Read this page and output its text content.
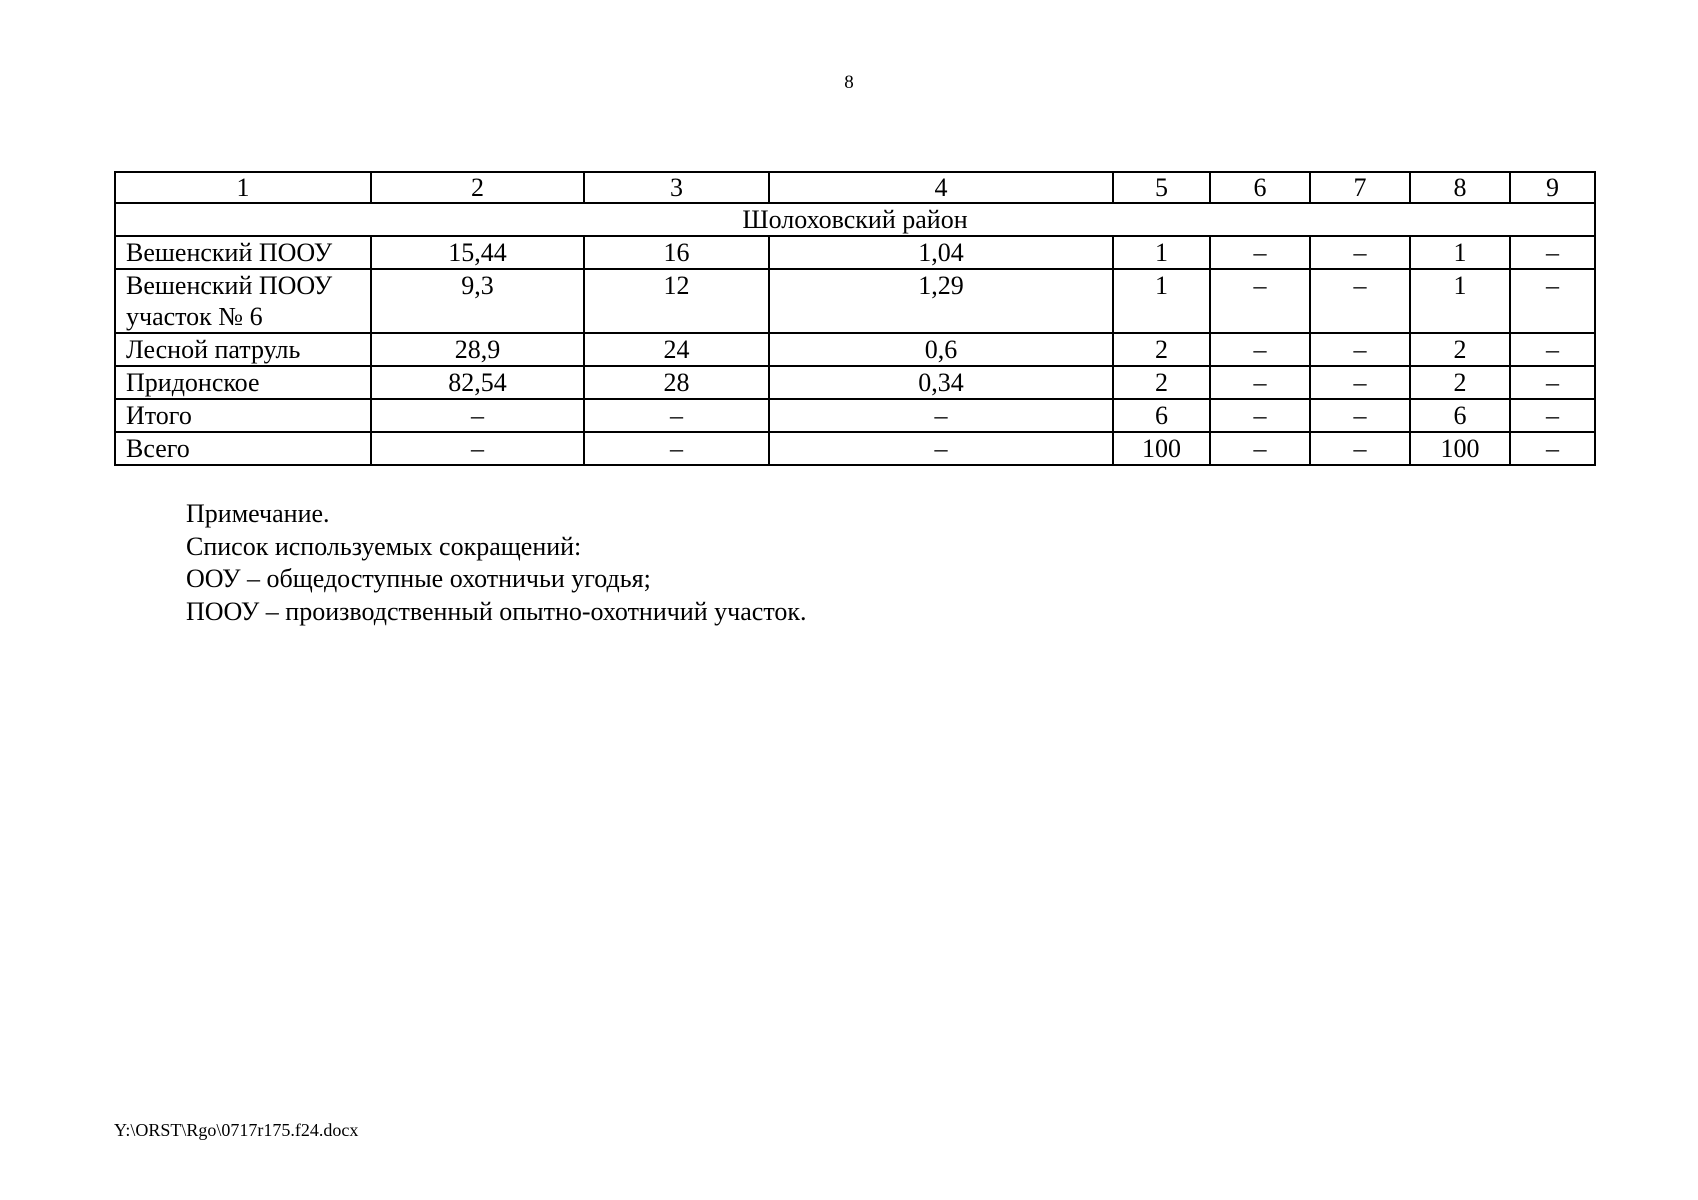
8
1	2	3	4	5	6	7	8	9
Шолоховский район								
Вешенский ПООУ	15,44	16	1,04	1	–	–	1	–
Вешенский ПООУ участок № 6	9,3	12	1,29	1	–	–	1	–
Лесной патруль	28,9	24	0,6	2	–	–	2	–
Придонское	82,54	28	0,34	2	–	–	2	–
Итого	–	–	–	6	–	–	6	–
Всего	–	–	–	100	–	–	100	–
Примечание.
Список используемых сокращений:
ООУ – общедоступные охотничьи угодья;
ПООУ – производственный опытно-охотничий участок.
Y:\ORST\Rgo\0717r175.f24.docx
